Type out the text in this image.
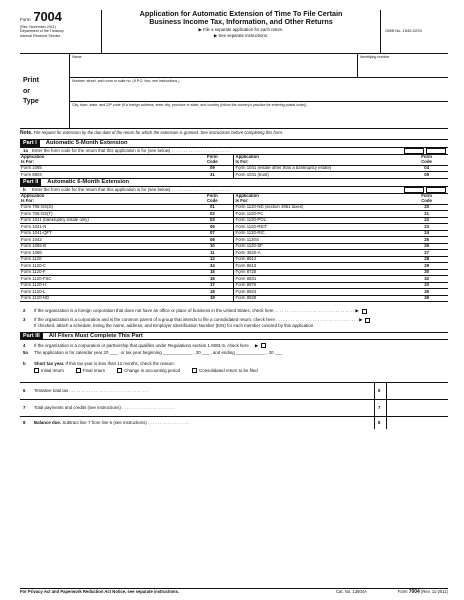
Form 7004
(Rev. November 2011)
Department of the Treasury
Internal Revenue Service
Application for Automatic Extension of Time To File Certain
Business Income Tax, Information, and Other Returns
▶ File a separate application for each return.
▶ See separate instructions.
OMB No. 1545-0233
Print
or
Type
Name	Identifying number
Number, street, and room or suite no. (If P.O. box, see instructions.)
City, town, state, and ZIP code (If a foreign address, enter city, province or state, and country (follow the country's practice for entering postal code)).
Note. File request for extension by the due date of the return for which the extension is granted. See instructions before completing this form.
Part I	Automatic 5-Month Extension
1a Enter the form code for the return that this application is for (see below) . . . . . . . . . . . . . . . . . . . . . . . .
Application
Is For:	Form
Code	Application
Is For:	Form
Code
Form 1065	09	Form 1041 (estate other than a bankruptcy estate)	04
Form 8804	31	Form 1041 (trust)	05
Part II	Automatic 6-Month Extension
b	Enter the form code for the return that this application is for (see below) . . . . . . . . . . . . . . . . . . . . . . . .
Application
Is For:	Form
Code	Application
Is For:	Form
Code
Form 706-GS(D)	01	Form 1120-ND (section 4951 taxes)	20
Form 706-GS(T)	02	Form 1120-PC	21
Form 1041 (bankruptcy estate only)	03	Form 1120-POL	22
Form 1041-N	06	Form 1120-REIT	23
Form 1041-QFT	07	Form 1120-RIC	24
Form 1042	08	Form 1120S	25
Form 1065-B	10	Form 1120-SF	26
Form 1066	11	Form 3520-A	27
Form 1120	12	Form 8612	28
Form 1120-C	34	Form 8613	29
Form 1120-F	15	Form 8725	30
Form 1120-FSC	16	Form 8831	32
Form 1120-H	17	Form 8876	33
Form 1120-L	18	Form 8924	35
Form 1120-ND	19	Form 8928	36
2	If the organization is a foreign corporation that does not have an office or place of business in the United States, check here . . . . . . . . . . . . . . . . . . . . . . . . . . . . . . . . . ▶
3	If the organization is a corporation and is the common parent of a group that intends to file a consolidated return, check here . . . . . . . . . . . . . . . . . . . . . . . . . . . . . . . . . . ▶
If checked, attach a schedule, listing the name, address, and Employer Identification Number (EIN) for each member covered by this application.
Part III	All Filers Must Complete This Part
4	If the organization is a corporation or partnership that qualifies under Regulations section 1.6081-5, check here . . ▶
5a	The application is for calendar year 20 ___ , or tax year beginning ____________ , 20 ___ , and ending ____________ , 20 ___
b	Short tax year. If this tax year is less than 12 months, check the reason:
Initial return	Final return	Change in accounting period	Consolidated return to be filed
6	Tentative total tax . . . . . . . . . . . . . . . . . . . . . . . . . . . . . . . . .	6
7	Total payments and credits (see instructions) . . . . . . . . . . . . . . . . . . . . . .	7
8	Balance due. Subtract line 7 from line 6 (see instructions) . . . . . . . . . . . . . . . . .	8
For Privacy Act and Paperwork Reduction Act Notice, see separate instructions.	Cat. No. 13804A	Form 7004 (Rev. 11-2011)
